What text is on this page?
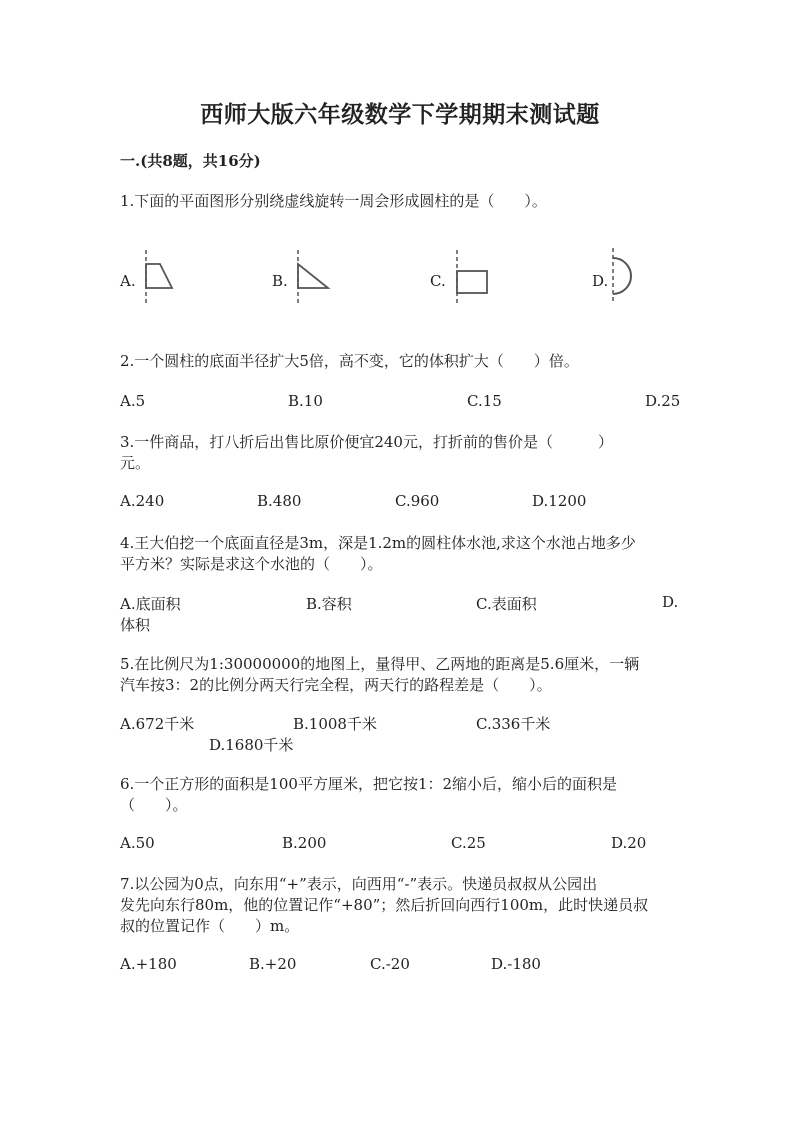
西师大版六年级数学下学期期末测试题
一.(共8题，共16分)
1.下面的平面图形分别绕虚线旋转一周会形成圆柱的是（　　）。
A.	B.	C.	D.
2.一个圆柱的底面半径扩大5倍，高不变，它的体积扩大（　　）倍。
A.5	B.10	C.15	D.25
3.一件商品，打八折后出售比原价便宜240元，打折前的售价是（　　　）
元。
A.240	B.480	C.960	D.1200
4.王大伯挖一个底面直径是3m，深是1.2m的圆柱体水池,求这个水池占地多少
平方米？实际是求这个水池的（　　）。
A.底面积	B.容积	C.表面积	D.
体积
5.在比例尺为1:30000000的地图上，量得甲、乙两地的距离是5.6厘米，一辆
汽车按3：2的比例分两天行完全程，两天行的路程差是（　　）。
A.672千米	B.1008千米	C.336千米
D.1680千米
6.一个正方形的面积是100平方厘米，把它按1：2缩小后，缩小后的面积是
（　　）。
A.50	B.200	C.25	D.20
7.以公园为0点，向东用“+”表示，向西用“-”表示。快递员叔叔从公园出
发先向东行80m，他的位置记作“+80”；然后折回向西行100m，此时快递员叔
叔的位置记作（　　）m。
A.+180	B.+20	C.-20	D.-180
